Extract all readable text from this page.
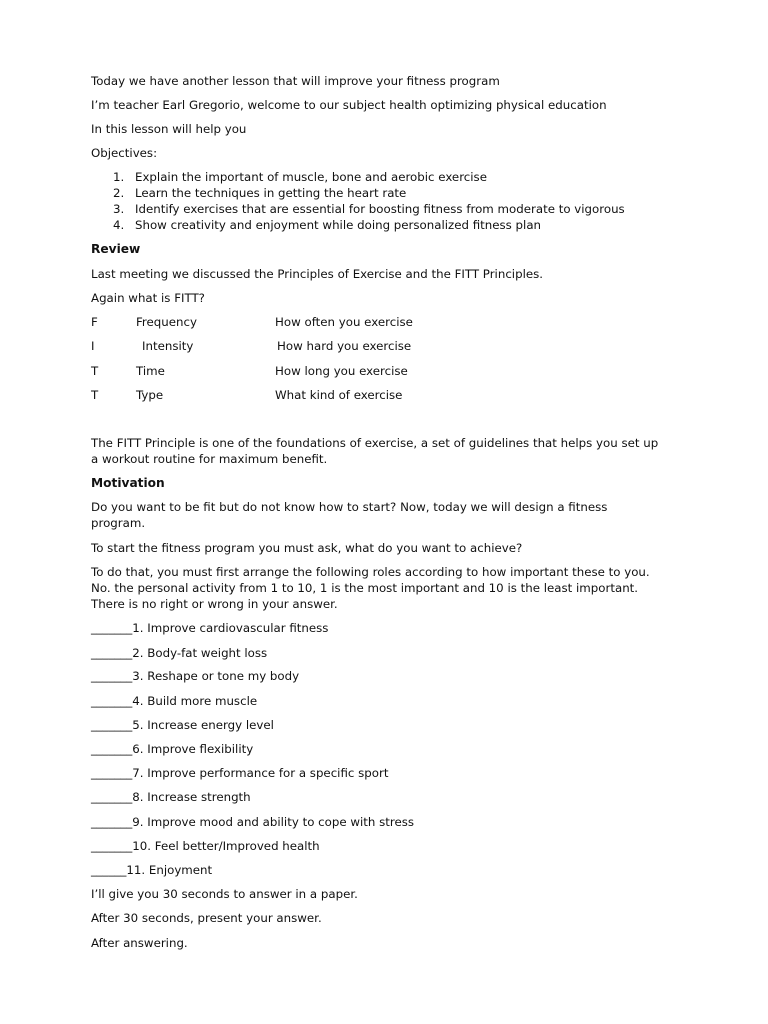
Today we have another lesson that will improve your fitness program
I’m teacher Earl Gregorio, welcome to our subject health optimizing physical education
In this lesson will help you
Objectives:
1. Explain the important of muscle, bone and aerobic exercise
2. Learn the techniques in getting the heart rate
3. Identify exercises that are essential for boosting fitness from moderate to vigorous
4. Show creativity and enjoyment while doing personalized fitness plan
Review
Last meeting we discussed the Principles of Exercise and the FITT Principles.
Again what is FITT?
F	Frequency	How often you exercise
I	Intensity	How hard you exercise
T	Time	How long you exercise
T	Type	What kind of exercise
The FITT Principle is one of the foundations of exercise, a set of guidelines that helps you set up
a workout routine for maximum benefit.
Motivation
Do you want to be fit but do not know how to start? Now, today we will design a fitness
program.
To start the fitness program you must ask, what do you want to achieve?
To do that, you must first arrange the following roles according to how important these to you.
No. the personal activity from 1 to 10, 1 is the most important and 10 is the least important.
There is no right or wrong in your answer.
_______1. Improve cardiovascular fitness
_______2. Body-fat weight loss
_______3. Reshape or tone my body
_______4. Build more muscle
_______5. Increase energy level
_______6. Improve flexibility
_______7. Improve performance for a specific sport
_______8. Increase strength
_______9. Improve mood and ability to cope with stress
_______10. Feel better/Improved health
______11. Enjoyment
I’ll give you 30 seconds to answer in a paper.
After 30 seconds, present your answer.
After answering.
